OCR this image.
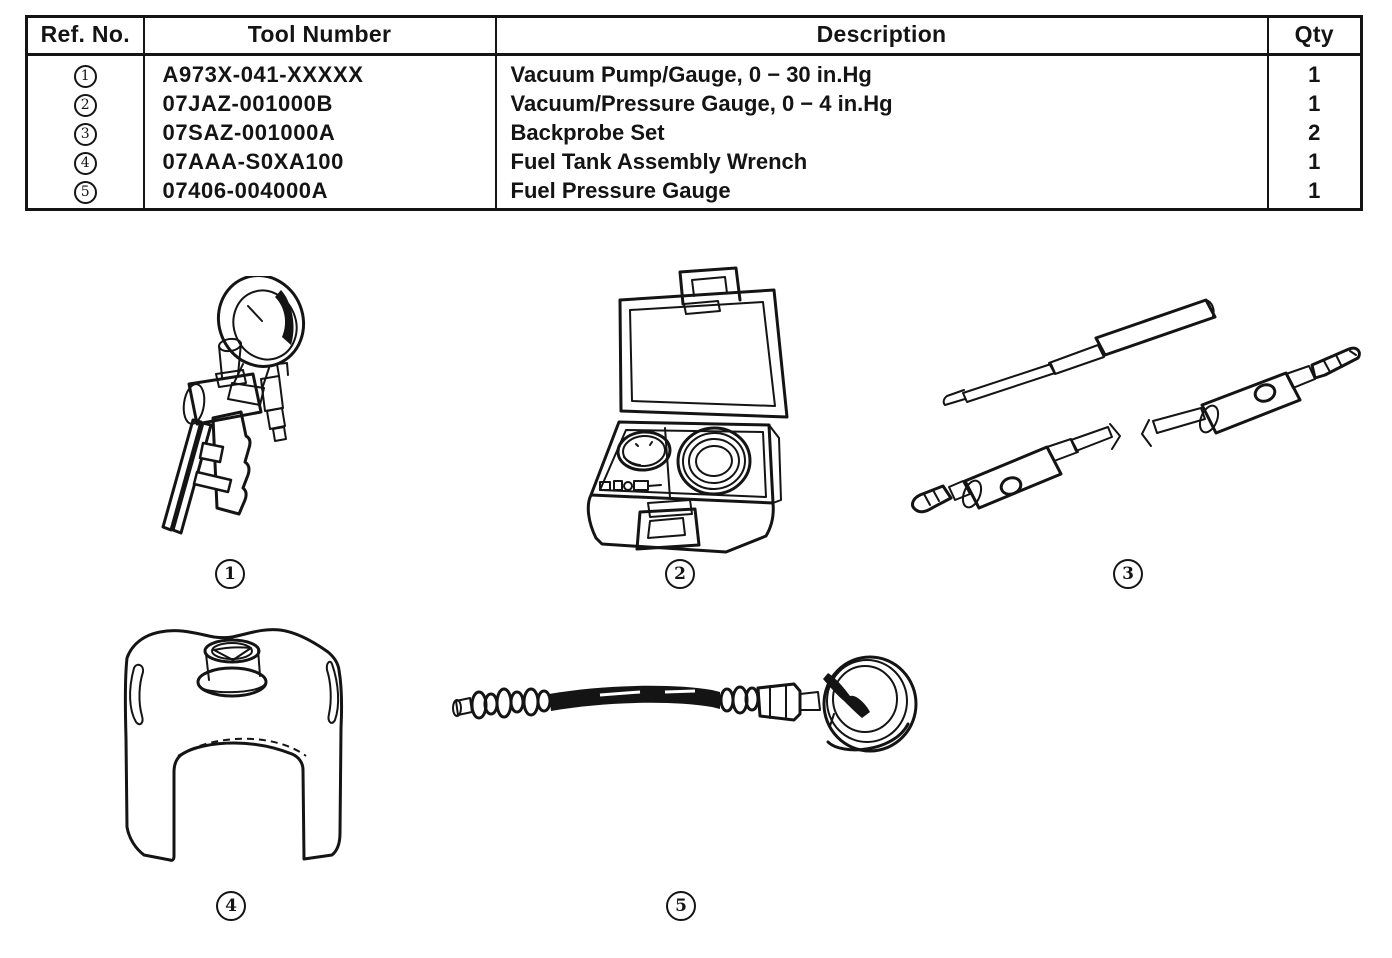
Ref. No.	Tool Number	Description	Qty
1	A973X-041-XXXXX	Vacuum Pump/Gauge, 0 − 30 in.Hg	1
2	07JAZ-001000B	Vacuum/Pressure Gauge, 0 − 4 in.Hg	1
3	07SAZ-001000A	Backprobe Set	2
4	07AAA-S0XA100	Fuel Tank Assembly Wrench	1
5	07406-004000A	Fuel Pressure Gauge	1
1	2	3
4	5
